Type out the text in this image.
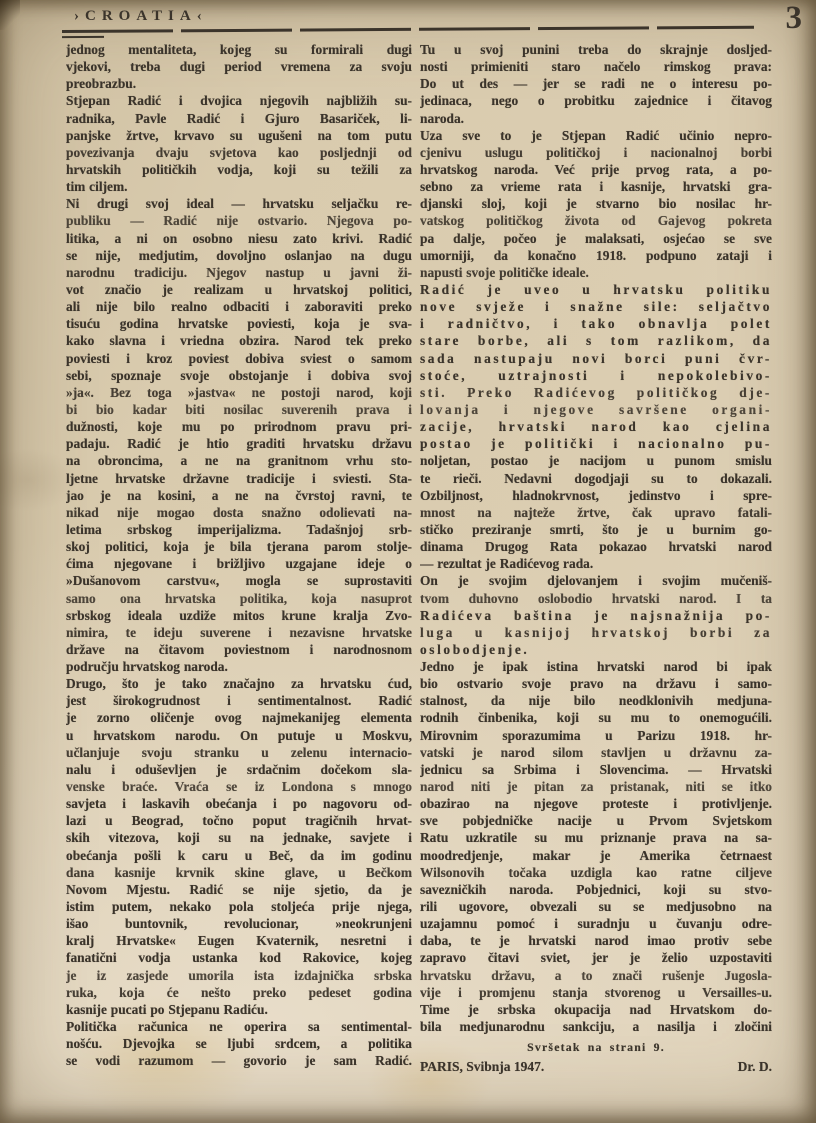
›CROATIA‹	3
jednog mentaliteta, kojeg su formirali dugi
vjekovi, treba dugi period vremena za svoju
preobrazbu.
Stjepan Radić i dvojica njegovih najbližih su-
radnika, Pavle Radić i Gjuro Basariček, li-
panjske žrtve, krvavo su ugušeni na tom putu
povezivanja dvaju svjetova kao posljednji od
hrvatskih političkih vodja, koji su težili za
tim ciljem.
Ni drugi svoj ideal — hrvatsku seljačku re-
publiku — Radić nije ostvario. Njegova po-
litika, a ni on osobno niesu zato krivi. Radić
se nije, medjutim, dovoljno oslanjao na dugu
narodnu tradiciju. Njegov nastup u javni ži-
vot značio je realizam u hrvatskoj politici,
ali nije bilo realno odbaciti i zaboraviti preko
tisuću godina hrvatske poviesti, koja je sva-
kako slavna i vriedna obzira. Narod tek preko
poviesti i kroz poviest dobiva sviest o samom
sebi, spoznaje svoje obstojanje i dobiva svoj
»ja«. Bez toga »jastva« ne postoji narod, koji
bi bio kadar biti nosilac suverenih prava i
dužnosti, koje mu po prirodnom pravu pri-
padaju. Radić je htio graditi hrvatsku državu
na obroncima, a ne na granitnom vrhu sto-
ljetne hrvatske državne tradicije i sviesti. Sta-
jao je na kosini, a ne na čvrstoj ravni, te
nikad nije mogao dosta snažno odolievati na-
letima srbskog imperijalizma. Tadašnjoj srb-
skoj politici, koja je bila tjerana parom stolje-
ćima njegovane i brižljivo uzgajane ideje o
»Dušanovom carstvu«, mogla se suprostaviti
samo ona hrvatska politika, koja nasuprot
srbskog ideala uzdiže mitos krune kralja Zvo-
nimira, te ideju suverene i nezavisne hrvatske
države na čitavom poviestnom i narodnosnom
području hrvatskog naroda.
Drugo, što je tako značajno za hrvatsku ćud,
jest širokogrudnost i sentimentalnost. Radić
je zorno oličenje ovog najmekanijeg elementa
u hrvatskom narodu. On putuje u Moskvu,
učlanjuje svoju stranku u zelenu internacio-
nalu i oduševljen je srdačnim dočekom sla-
venske braće. Vraća se iz Londona s mnogo
savjeta i laskavih obećanja i po nagovoru od-
lazi u Beograd, točno poput tragičnih hrvat-
skih vitezova, koji su na jednake, savjete i
obećanja pošli k caru u Beč, da im godinu
dana kasnije krvnik skine glave, u Bečkom
Novom Mjestu. Radić se nije sjetio, da je
istim putem, nekako pola stoljeća prije njega,
išao buntovnik, revolucionar, »neokrunjeni
kralj Hrvatske« Eugen Kvaternik, nesretni i
fanatični vodja ustanka kod Rakovice, kojeg
je iz zasjede umorila ista izdajnička srbska
ruka, koja će nešto preko pedeset godina
kasnije pucati po Stjepanu Radiću.
Politička računica ne operira sa sentimental-
nošću. Djevojka se ljubi srdcem, a politika
se vodi razumom — govorio je sam Radić.
Tu u svoj punini treba do skrajnje dosljed-
nosti primieniti staro načelo rimskog prava:
Do ut des — jer se radi ne o interesu po-
jedinaca, nego o probitku zajednice i čitavog
naroda.
Uza sve to je Stjepan Radić učinio nepro-
cjenivu uslugu političkoj i nacionalnoj borbi
hrvatskog naroda. Već prije prvog rata, a po-
sebno za vrieme rata i kasnije, hrvatski gra-
djanski sloj, koji je stvarno bio nosilac hr-
vatskog političkog života od Gajevog pokreta
pa dalje, počeo je malaksati, osjećao se sve
umorniji, da konačno 1918. podpuno zataji i
napusti svoje političke ideale.
Radić je uveo u hrvatsku politiku
nove svježe i snažne sile: seljačtvo
i radničtvo, i tako obnavlja polet
stare borbe, ali s tom razlikom, da
sada nastupaju novi borci puni čvr-
stoće, uztrajnosti i nepokolebivo-
sti. Preko Radićevog političkog dje-
lovanja i njegove savršene organi-
zacije, hrvatski narod kao cjelina
postao je politički i nacionalno pu-
noljetan, postao je nacijom u punom smislu
te rieči. Nedavni dogodjaji su to dokazali.
Ozbiljnost, hladnokrvnost, jedinstvo i spre-
mnost na najteže žrtve, čak upravo fatali-
stičko preziranje smrti, što je u burnim go-
dinama Drugog Rata pokazao hrvatski narod
— rezultat je Radićevog rada.
On je svojim djelovanjem i svojim mučeniš-
tvom duhovno oslobodio hrvatski narod. I ta
Radićeva baština je najsnažnija po-
luga u kasnijoj hrvatskoj borbi za
oslobodjenje.
Jedno je ipak istina hrvatski narod bi ipak
bio ostvario svoje pravo na državu i samo-
stalnost, da nije bilo neodklonivih medjuna-
rodnih činbenika, koji su mu to onemogućili.
Mirovnim sporazumima u Parizu 1918. hr-
vatski je narod silom stavljen u državnu za-
jednicu sa Srbima i Slovencima. — Hrvatski
narod niti je pitan za pristanak, niti se itko
obazirao na njegove proteste i protivljenje.
sve pobjedničke nacije u Prvom Svjetskom
Ratu uzkratile su mu priznanje prava na sa-
moodredjenje, makar je Amerika četrnaest
Wilsonovih točaka uzdigla kao ratne ciljeve
savezničkih naroda. Pobjednici, koji su stvo-
rili ugovore, obvezali su se medjusobno na
uzajamnu pomoć i suradnju u čuvanju odre-
daba, te je hrvatski narod imao protiv sebe
zapravo čitavi sviet, jer je želio uzpostaviti
hrvatsku državu, a to znači rušenje Jugosla-
vije i promjenu stanja stvorenog u Versailles-u.
Time je srbska okupacija nad Hrvatskom do-
bila medjunarodnu sankciju, a nasilja i zločini
Svršetak na strani 9.
PARIS, Svibnja 1947.	Dr. D.
